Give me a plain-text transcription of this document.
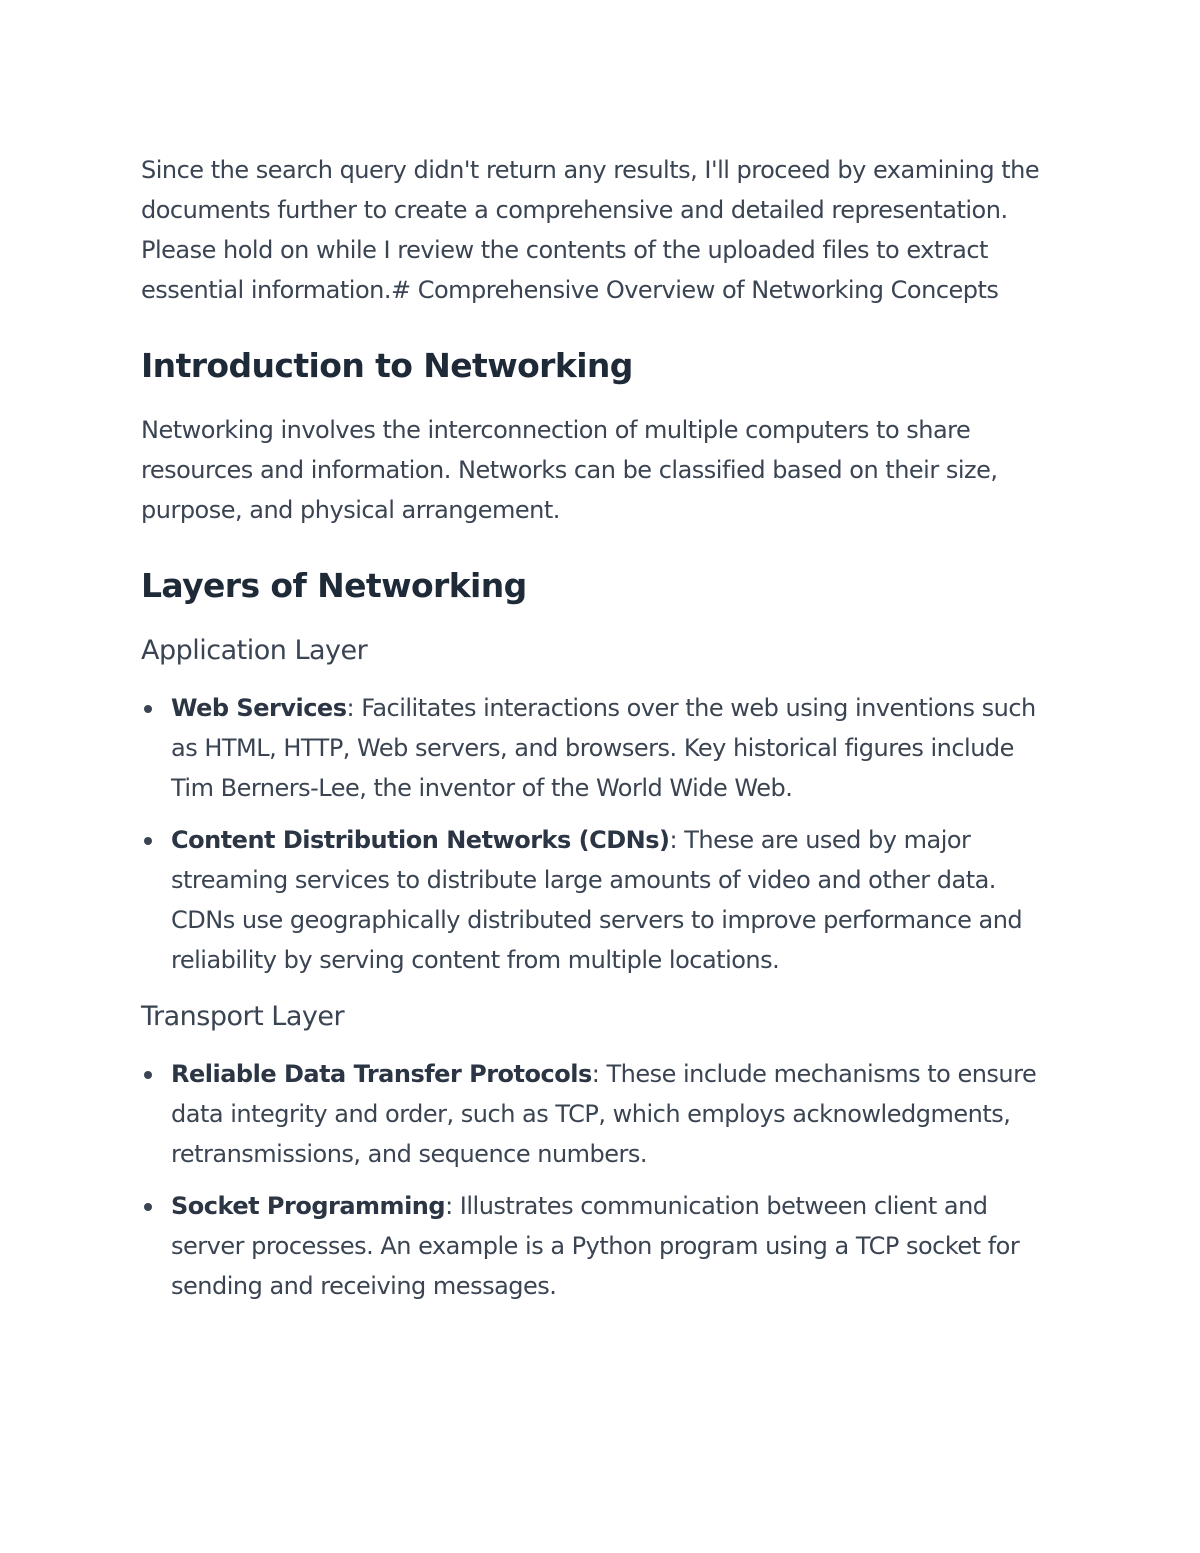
Since the search query didn't return any results, I'll proceed by examining the documents further to create a comprehensive and detailed representation. Please hold on while I review the contents of the uploaded files to extract essential information.# Comprehensive Overview of Networking Concepts

Introduction to Networking

Networking involves the interconnection of multiple computers to share resources and information. Networks can be classified based on their size, purpose, and physical arrangement.

Layers of Networking
Application Layer
Web Services: Facilitates interactions over the web using inventions such as HTML, HTTP, Web servers, and browsers. Key historical figures include Tim Berners-Lee, the inventor of the World Wide Web.
Content Distribution Networks (CDNs): These are used by major streaming services to distribute large amounts of video and other data. CDNs use geographically distributed servers to improve performance and reliability by serving content from multiple locations.
Transport Layer
Reliable Data Transfer Protocols: These include mechanisms to ensure data integrity and order, such as TCP, which employs acknowledgments, retransmissions, and sequence numbers.
Socket Programming: Illustrates communication between client and server processes. An example is a Python program using a TCP socket for sending and receiving messages.
